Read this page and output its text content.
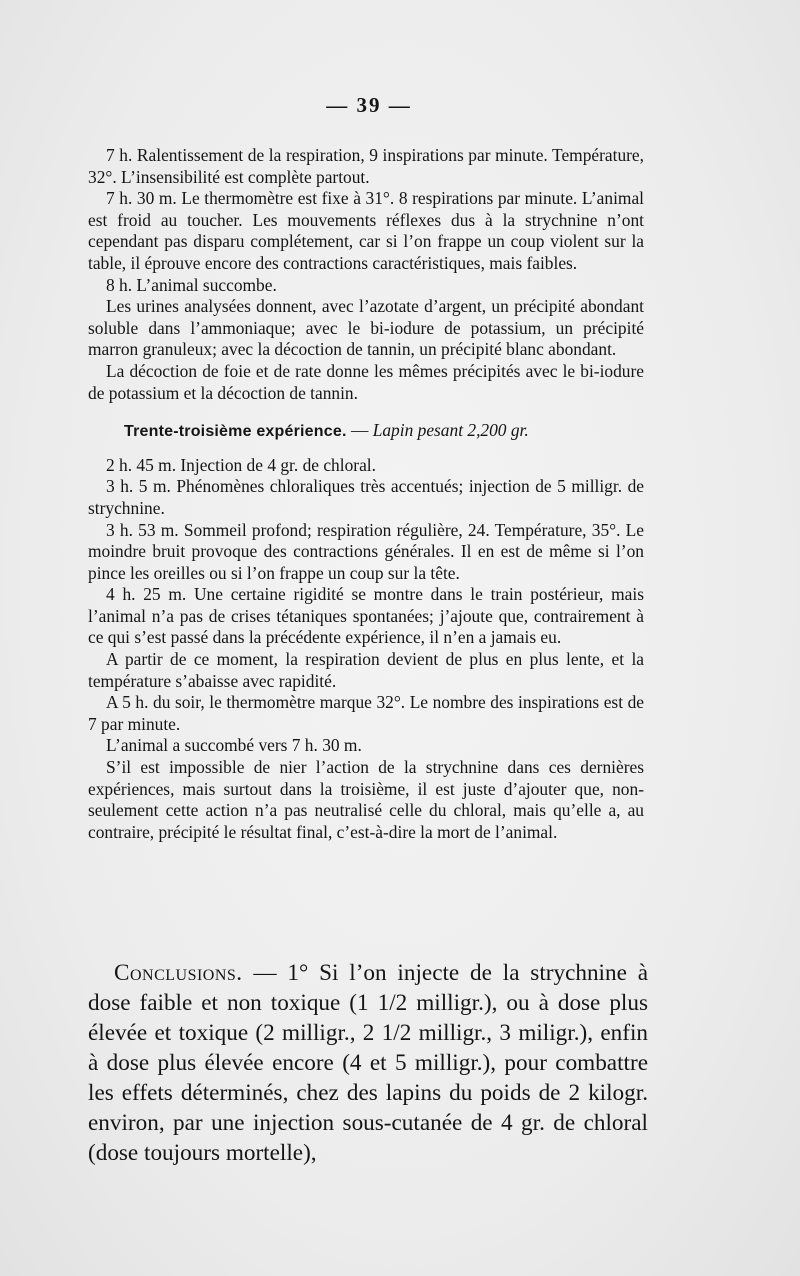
— 39 —

7 h. Ralentissement de la respiration, 9 inspirations par minute. Température, 32°. L’insensibilité est complète partout.

7 h. 30 m. Le thermomètre est fixe à 31°. 8 respirations par minute. L’animal est froid au toucher. Les mouvements réflexes dus à la strychnine n’ont cependant pas disparu complétement, car si l’on frappe un coup violent sur la table, il éprouve encore des contractions caractéristiques, mais faibles.

8 h. L’animal succombe.

Les urines analysées donnent, avec l’azotate d’argent, un précipité abondant soluble dans l’ammoniaque; avec le bi-iodure de potassium, un précipité marron granuleux; avec la décoction de tannin, un précipité blanc abondant.

La décoction de foie et de rate donne les mêmes précipités avec le bi-iodure de potassium et la décoction de tannin.

Trente-troisième expérience. — Lapin pesant 2,200 gr.

2 h. 45 m. Injection de 4 gr. de chloral.

3 h. 5 m. Phénomènes chloraliques très accentués; injection de 5 milligr. de strychnine.

3 h. 53 m. Sommeil profond; respiration régulière, 24. Température, 35°. Le moindre bruit provoque des contractions générales. Il en est de même si l’on pince les oreilles ou si l’on frappe un coup sur la tête.

4 h. 25 m. Une certaine rigidité se montre dans le train postérieur, mais l’animal n’a pas de crises tétaniques spontanées; j’ajoute que, contrairement à ce qui s’est passé dans la précédente expérience, il n’en a jamais eu.

A partir de ce moment, la respiration devient de plus en plus lente, et la température s’abaisse avec rapidité.

A 5 h. du soir, le thermomètre marque 32°. Le nombre des inspirations est de 7 par minute.

L’animal a succombé vers 7 h. 30 m.

S’il est impossible de nier l’action de la strychnine dans ces dernières expériences, mais surtout dans la troisième, il est juste d’ajouter que, non-seulement cette action n’a pas neutralisé celle du chloral, mais qu’elle a, au contraire, précipité le résultat final, c’est-à-dire la mort de l’animal.

Conclusions. — 1° Si l’on injecte de la strychnine à dose faible et non toxique (1 1/2 milligr.), ou à dose plus élevée et toxique (2 milligr., 2 1/2 milligr., 3 miligr.), enfin à dose plus élevée encore (4 et 5 milligr.), pour combattre les effets déterminés, chez des lapins du poids de 2 kilogr. environ, par une injection sous-cutanée de 4 gr. de chloral (dose toujours mortelle),
